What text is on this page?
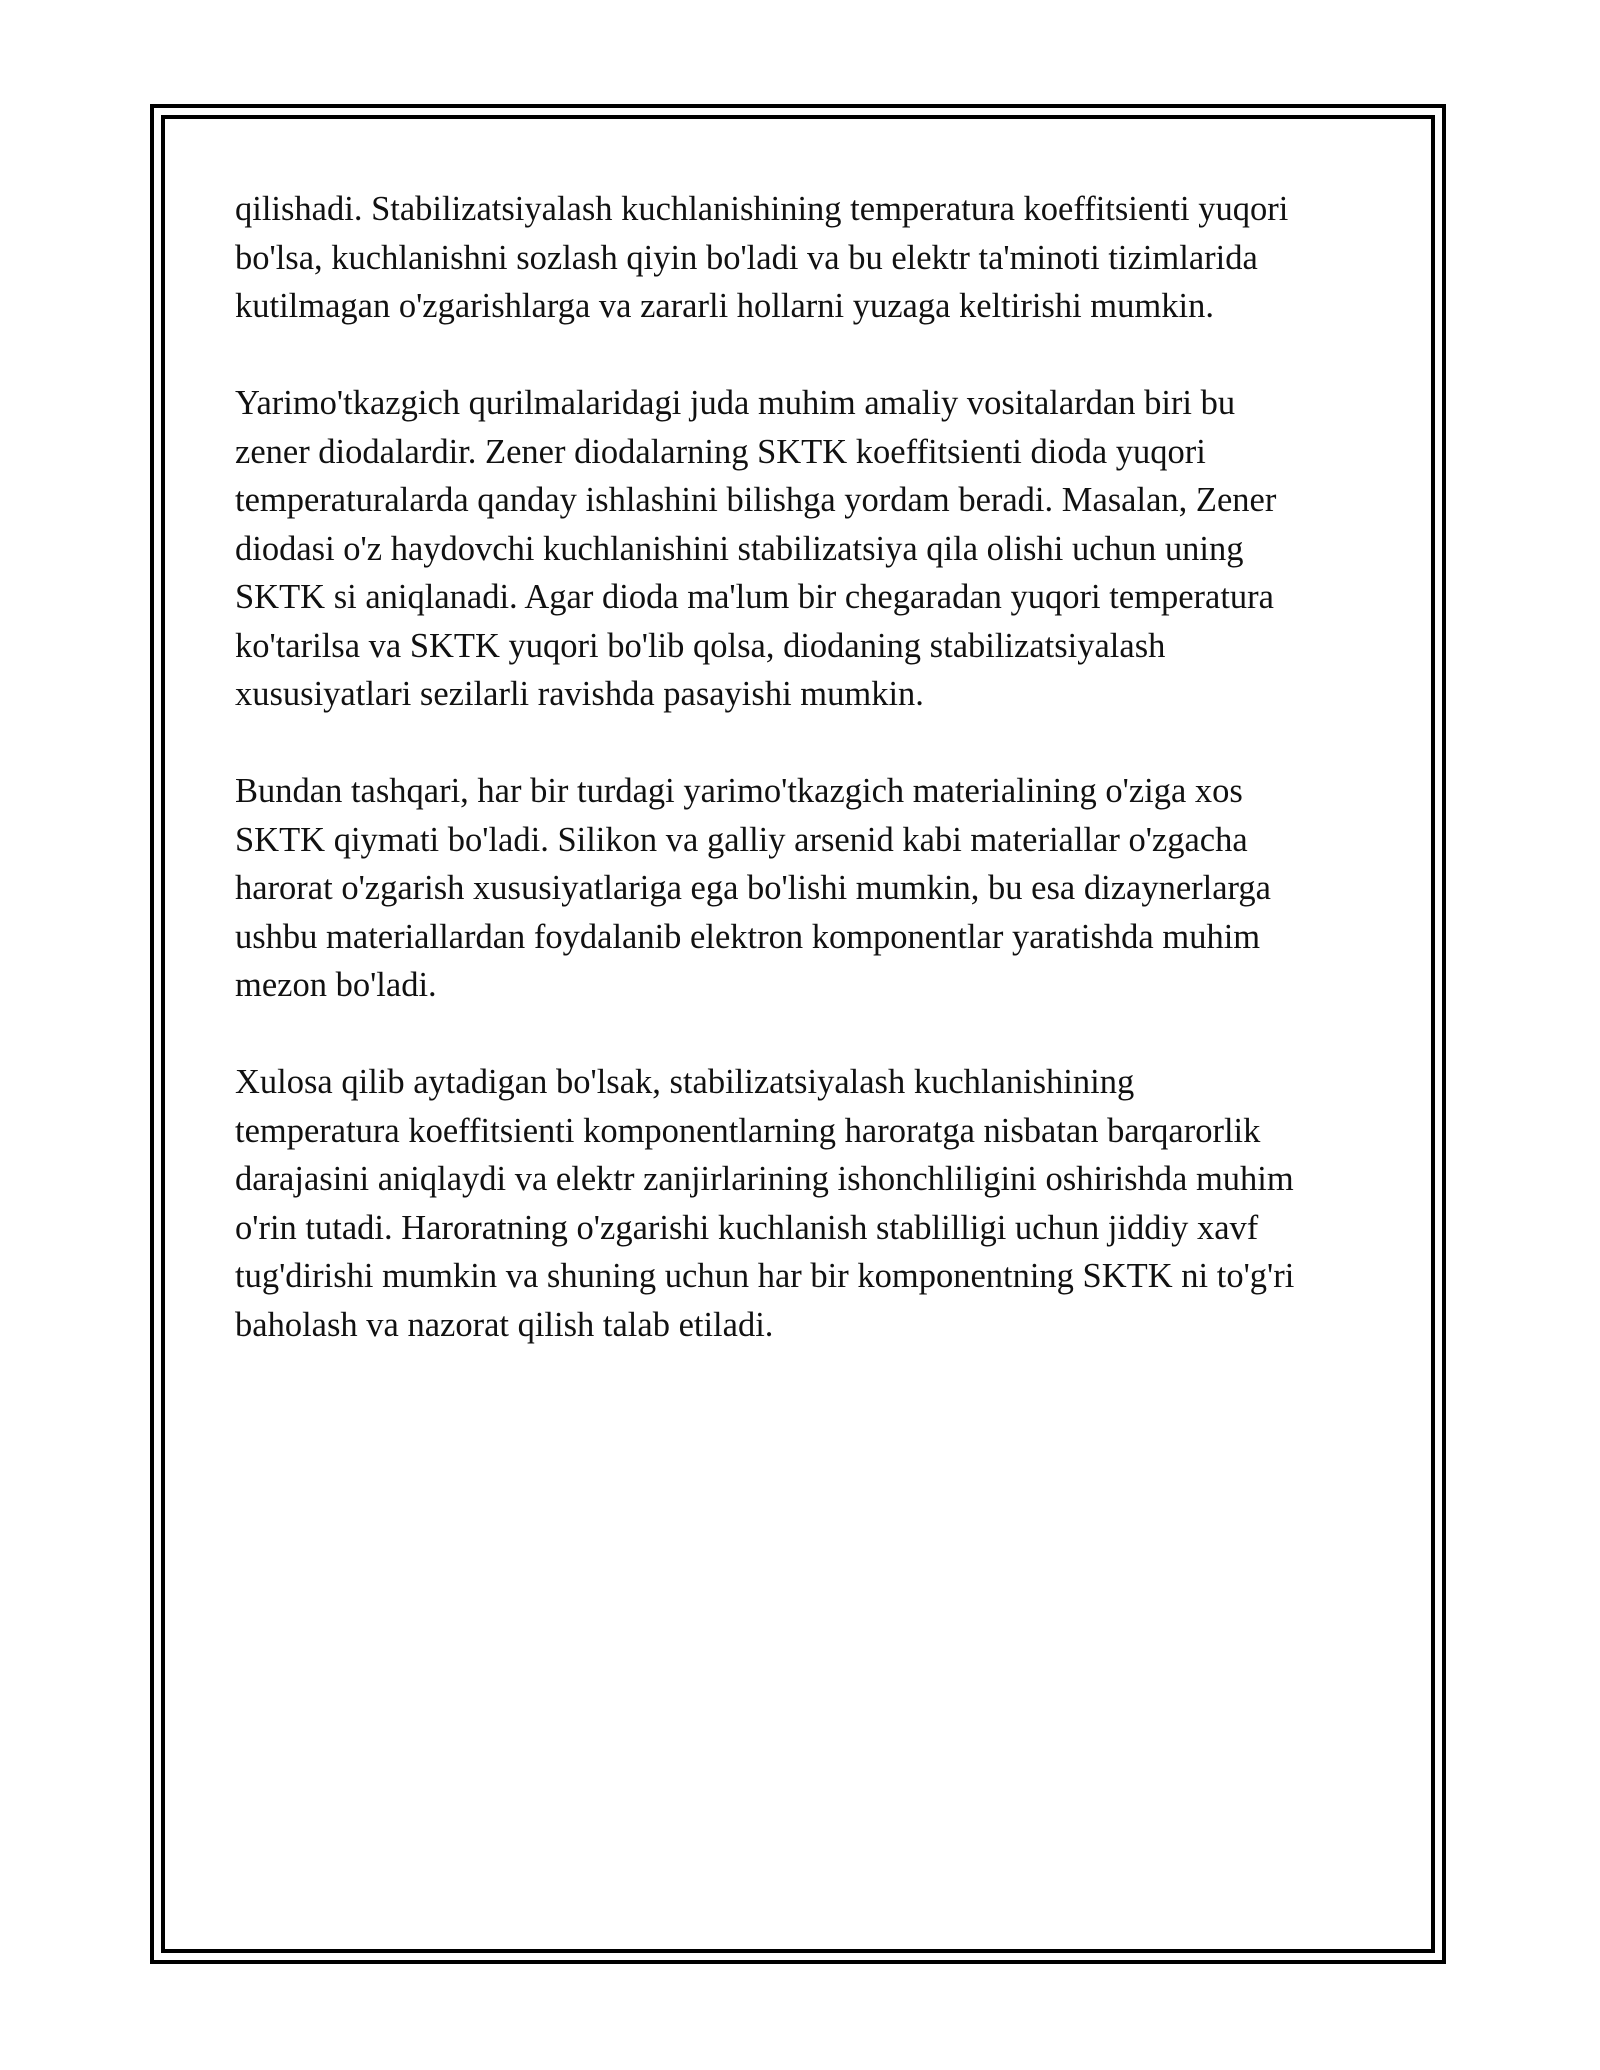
qilishadi. Stabilizatsiyalash kuchlanishining temperatura koeffitsienti yuqori
bo'lsa, kuchlanishni sozlash qiyin bo'ladi va bu elektr ta'minoti tizimlarida
kutilmagan o'zgarishlarga va zararli hollarni yuzaga keltirishi mumkin.

Yarimo'tkazgich qurilmalaridagi juda muhim amaliy vositalardan biri bu
zener diodalardir. Zener diodalarning SKTK koeffitsienti dioda yuqori
temperaturalarda qanday ishlashini bilishga yordam beradi. Masalan, Zener
diodasi o'z haydovchi kuchlanishini stabilizatsiya qila olishi uchun uning
SKTK si aniqlanadi. Agar dioda ma'lum bir chegaradan yuqori temperatura
ko'tarilsa va SKTK yuqori bo'lib qolsa, diodaning stabilizatsiyalash
xususiyatlari sezilarli ravishda pasayishi mumkin.

Bundan tashqari, har bir turdagi yarimo'tkazgich materialining o'ziga xos
SKTK qiymati bo'ladi. Silikon va galliy arsenid kabi materiallar o'zgacha
harorat o'zgarish xususiyatlariga ega bo'lishi mumkin, bu esa dizaynerlarga
ushbu materiallardan foydalanib elektron komponentlar yaratishda muhim
mezon bo'ladi.

Xulosa qilib aytadigan bo'lsak, stabilizatsiyalash kuchlanishining
temperatura koeffitsienti komponentlarning haroratga nisbatan barqarorlik
darajasini aniqlaydi va elektr zanjirlarining ishonchliligini oshirishda muhim
o'rin tutadi. Haroratning o'zgarishi kuchlanish stablilligi uchun jiddiy xavf
tug'dirishi mumkin va shuning uchun har bir komponentning SKTK ni to'g'ri
baholash va nazorat qilish talab etiladi.
